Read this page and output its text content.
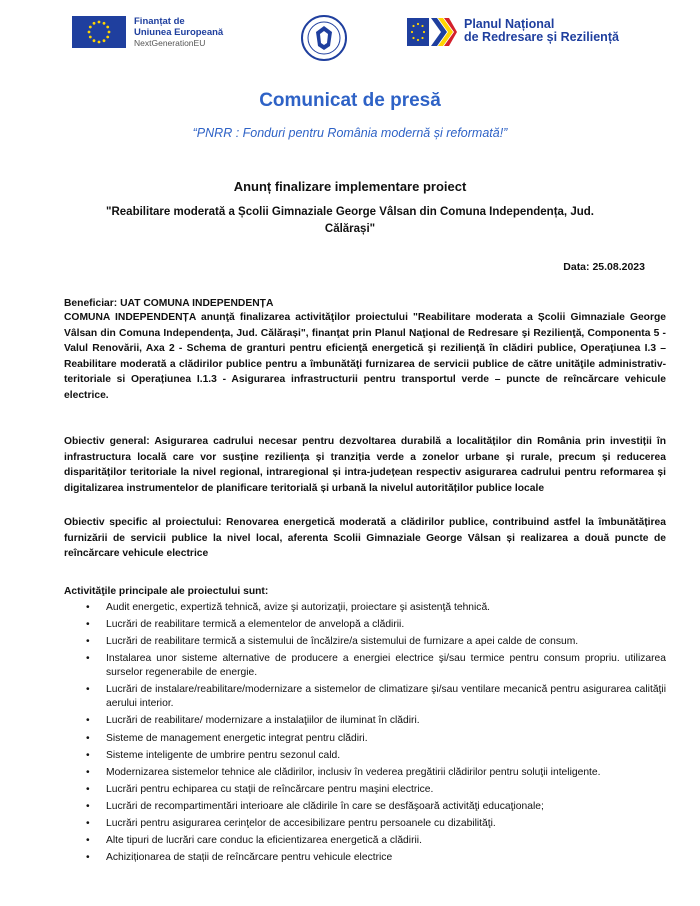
Finanțat de
Uniunea Europeană
NextGenerationEU
Planul Național
de Redresare și Reziliență
Comunicat de presă
“PNRR : Fonduri pentru România modernă și reformată!”
Anunț finalizare implementare proiect
"Reabilitare moderată a Școlii Gimnaziale George Vâlsan din Comuna Independența, Jud. Călărași"
Data: 25.08.2023
Beneficiar: UAT COMUNA INDEPENDENȚA
COMUNA INDEPENDENȚA anunţă finalizarea activităţilor proiectului "Reabilitare moderata a Școlii Gimnaziale George Vâlsan din Comuna Independența, Jud. Călărași", finanţat prin Planul Naţional de Redresare şi Rezilienţă, Componenta 5 - Valul Renovării, Axa 2 - Schema de granturi pentru eficienţă energetică şi rezilienţă în clădiri publice, Operaţiunea I.3 – Reabilitare moderată a clădirilor publice pentru a îmbunătăţi furnizarea de servicii publice de către unităţile administrativ-teritoriale si Operațiunea I.1.3 - Asigurarea infrastructurii pentru transportul verde – puncte de reîncărcare vehicule electrice.
Obiectiv general: Asigurarea cadrului necesar pentru dezvoltarea durabilă a localităților din România prin investiții în infrastructura locală care vor susține reziliența și tranziția verde a zonelor urbane și rurale, precum și reducerea disparităților teritoriale la nivel regional, intraregional și intra-județean respectiv asigurarea cadrului pentru reformarea și digitalizarea instrumentelor de planificare teritorială și urbană la nivelul autorităților publice locale
Obiectiv specific al proiectului: Renovarea energetică moderată a clădirilor publice, contribuind astfel la îmbunătățirea furnizării de servicii publice la nivel local, aferenta Scolii Gimnaziale George Vâlsan și realizarea a două puncte de reîncărcare vehicule electrice
Activităţile principale ale proiectului sunt:
• Audit energetic, expertiză tehnică, avize şi autorizaţii, proiectare şi asistenţă tehnică.
• Lucrări de reabilitare termică a elementelor de anvelopă a clădirii.
• Lucrări de reabilitare termică a sistemului de încălzire/a sistemului de furnizare a apei calde de consum.
• Instalarea unor sisteme alternative de producere a energiei electrice şi/sau termice pentru consum propriu. utilizarea surselor regenerabile de energie.
• Lucrări de instalare/reabilitare/modernizare a sistemelor de climatizare şi/sau ventilare mecanică pentru asigurarea calităţii aerului interior.
• Lucrări de reabilitare/ modernizare a instalaţiilor de iluminat în clădiri.
• Sisteme de management energetic integrat pentru clădiri.
• Sisteme inteligente de umbrire pentru sezonul cald.
• Modernizarea sistemelor tehnice ale clădirilor, inclusiv în vederea pregătirii clădirilor pentru soluţii inteligente.
• Lucrări pentru echiparea cu staţii de reîncărcare pentru maşini electrice.
• Lucrări de recompartimentări interioare ale clădirile în care se desfăşoară activităţi educaţionale;
• Lucrări pentru asigurarea cerinţelor de accesibilizare pentru persoanele cu dizabilităţi.
• Alte tipuri de lucrări care conduc la eficientizarea energetică a clădirii.
• Achiziționarea de stații de reîncărcare pentru vehicule electrice
